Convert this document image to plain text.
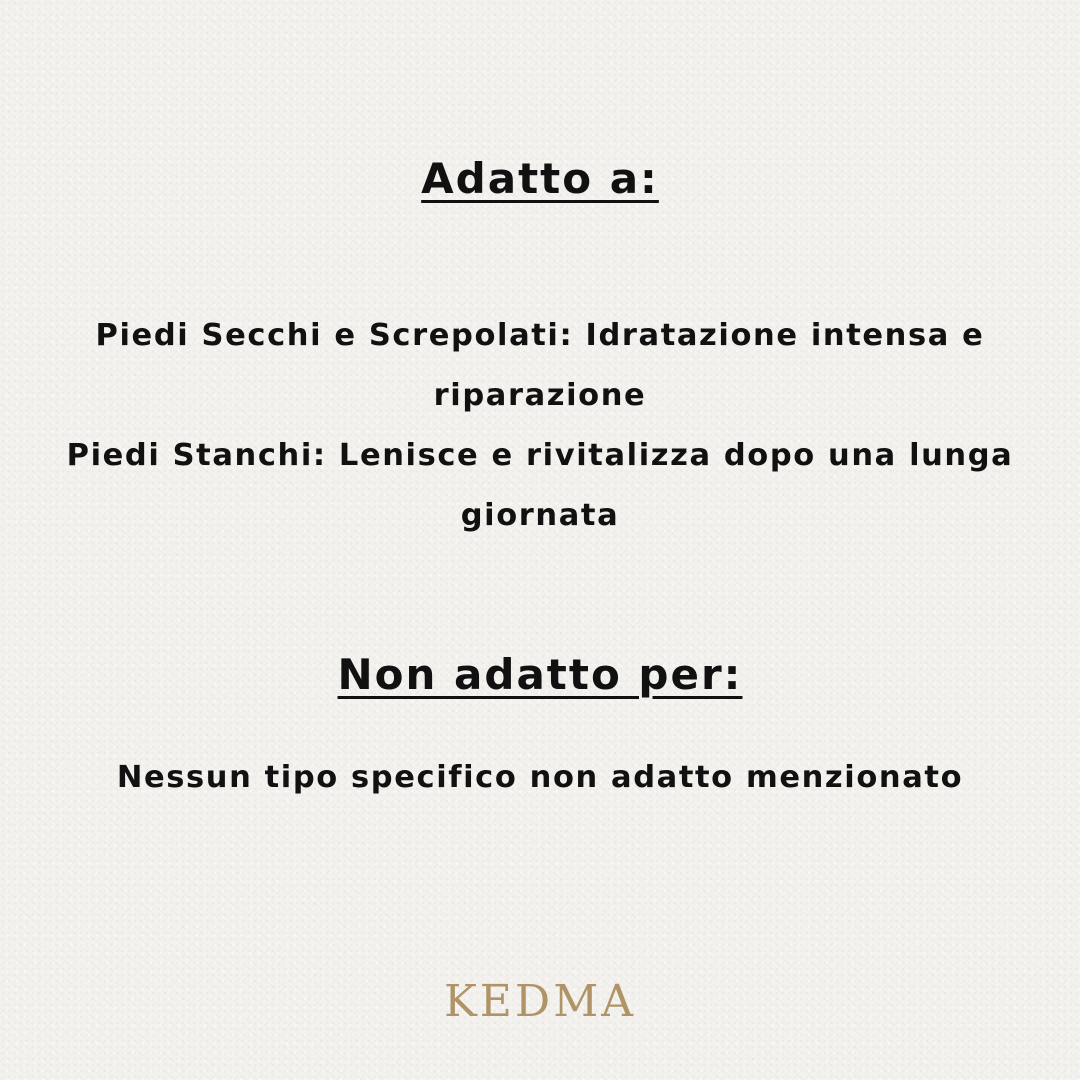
Adatto a:
Piedi Secchi e Screpolati: Idratazione intensa e
riparazione
Piedi Stanchi: Lenisce e rivitalizza dopo una lunga
giornata
Non adatto per:

Nessun tipo specifico non adatto menzionato

KEDMA
